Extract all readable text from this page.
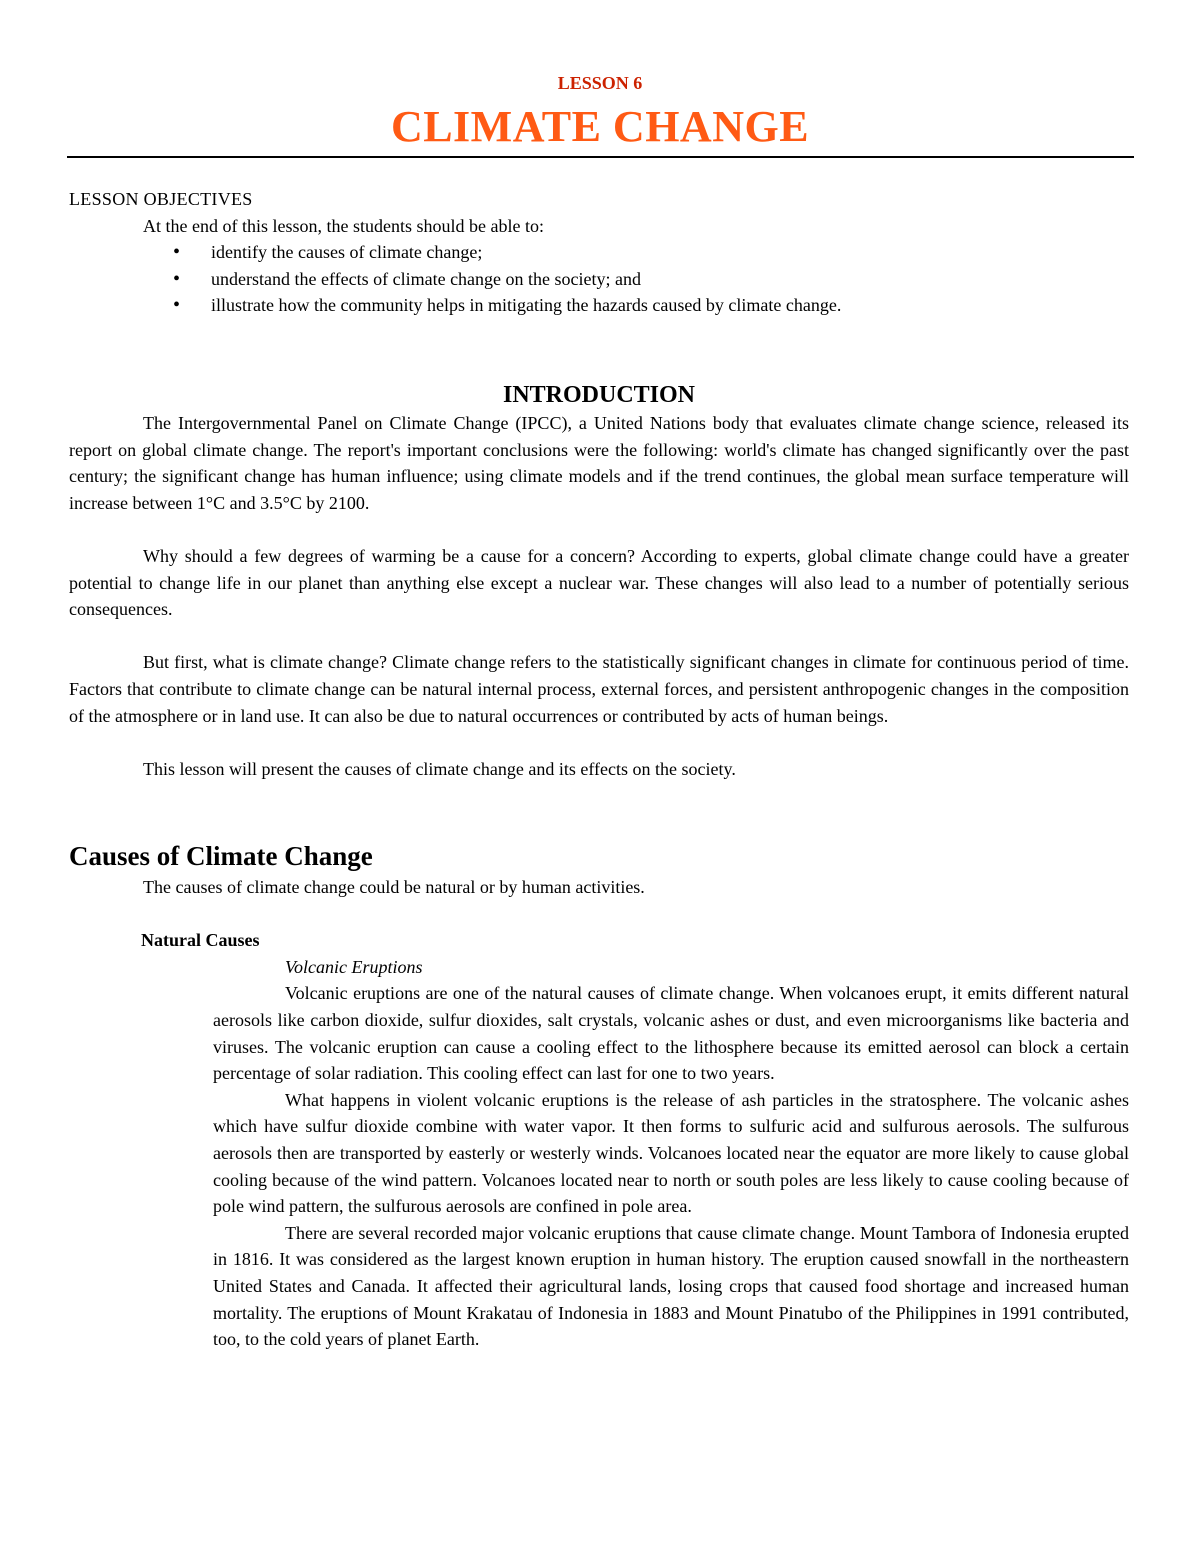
LESSON 6
CLIMATE CHANGE

LESSON OBJECTIVES

At the end of this lesson, the students should be able to:

• identify the causes of climate change;
• understand the effects of climate change on the society; and
• illustrate how the community helps in mitigating the hazards caused by climate change.
INTRODUCTION

The Intergovernmental Panel on Climate Change (IPCC), a United Nations body that evaluates climate change science, released its report on global climate change. The report's important conclusions were the following: world's climate has changed significantly over the past century; the significant change has human influence; using climate models and if the trend continues, the global mean surface temperature will increase between 1°C and 3.5°C by 2100.

Why should a few degrees of warming be a cause for a concern? According to experts, global climate change could have a greater potential to change life in our planet than anything else except a nuclear war. These changes will also lead to a number of potentially serious consequences.

But first, what is climate change? Climate change refers to the statistically significant changes in climate for continuous period of time. Factors that contribute to climate change can be natural internal process, external forces, and persistent anthropogenic changes in the composition of the atmosphere or in land use. It can also be due to natural occurrences or contributed by acts of human beings.

This lesson will present the causes of climate change and its effects on the society.

Causes of Climate Change

The causes of climate change could be natural or by human activities.

Natural Causes

Volcanic Eruptions

Volcanic eruptions are one of the natural causes of climate change. When volcanoes erupt, it emits different natural aerosols like carbon dioxide, sulfur dioxides, salt crystals, volcanic ashes or dust, and even microorganisms like bacteria and viruses. The volcanic eruption can cause a cooling effect to the lithosphere because its emitted aerosol can block a certain percentage of solar radiation. This cooling effect can last for one to two years.

What happens in violent volcanic eruptions is the release of ash particles in the stratosphere. The volcanic ashes which have sulfur dioxide combine with water vapor. It then forms to sulfuric acid and sulfurous aerosols. The sulfurous aerosols then are transported by easterly or westerly winds. Volcanoes located near the equator are more likely to cause global cooling because of the wind pattern. Volcanoes located near to north or south poles are less likely to cause cooling because of pole wind pattern, the sulfurous aerosols are confined in pole area.

There are several recorded major volcanic eruptions that cause climate change. Mount Tambora of Indonesia erupted in 1816. It was considered as the largest known eruption in human history. The eruption caused snowfall in the northeastern United States and Canada. It affected their agricultural lands, losing crops that caused food shortage and increased human mortality. The eruptions of Mount Krakatau of Indonesia in 1883 and Mount Pinatubo of the Philippines in 1991 contributed, too, to the cold years of planet Earth.
